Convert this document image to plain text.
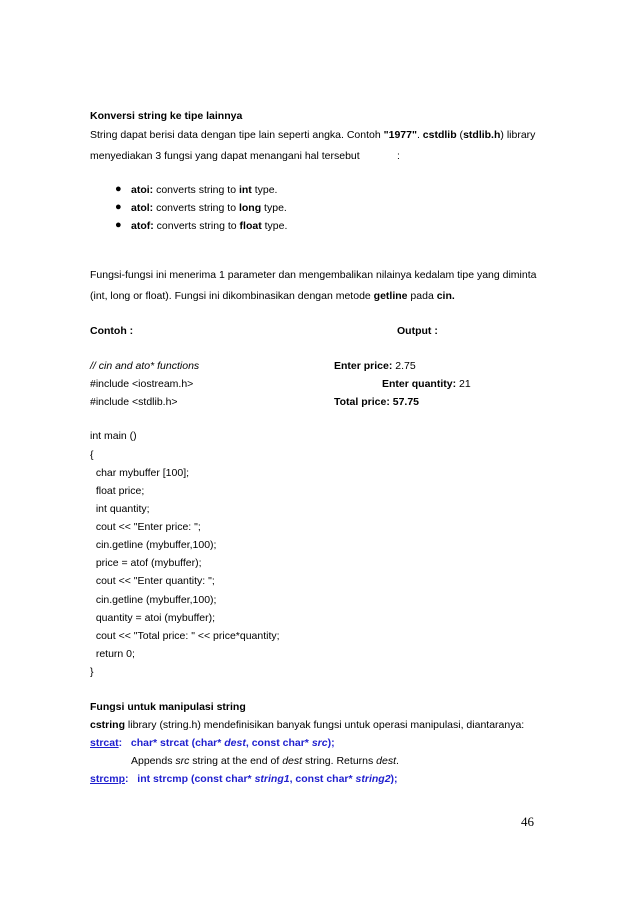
Konversi string ke tipe lainnya
String dapat berisi data dengan tipe lain seperti angka. Contoh "1977". cstdlib (stdlib.h) library
menyediakan 3 fungsi yang dapat menangani hal tersebut	:
● atoi: converts string to int type.
● atol: converts string to long type.
● atof: converts string to float type.
Fungsi-fungsi ini menerima 1 parameter dan mengembalikan nilainya kedalam tipe yang diminta
(int, long or float). Fungsi ini dikombinasikan dengan metode getline pada cin.
Contoh :	Output :
// cin and ato* functions
#include <iostream.h>
#include <stdlib.h>
int main ()
{
char mybuffer [100];
float price;
int quantity;
cout << "Enter price: ";
cin.getline (mybuffer,100);
price = atof (mybuffer);
cout << "Enter quantity: ";
cin.getline (mybuffer,100);
quantity = atoi (mybuffer);
cout << "Total price: " << price*quantity;
return 0;
}
Enter price: 2.75
Enter quantity: 21
Total price: 57.75
Fungsi untuk manipulasi string
cstring library (string.h) mendefinisikan banyak fungsi untuk operasi manipulasi, diantaranya:
strcat: char* strcat (char* dest, const char* src);
Appends src string at the end of dest string. Returns dest.
strcmp: int strcmp (const char* string1, const char* string2);
46
